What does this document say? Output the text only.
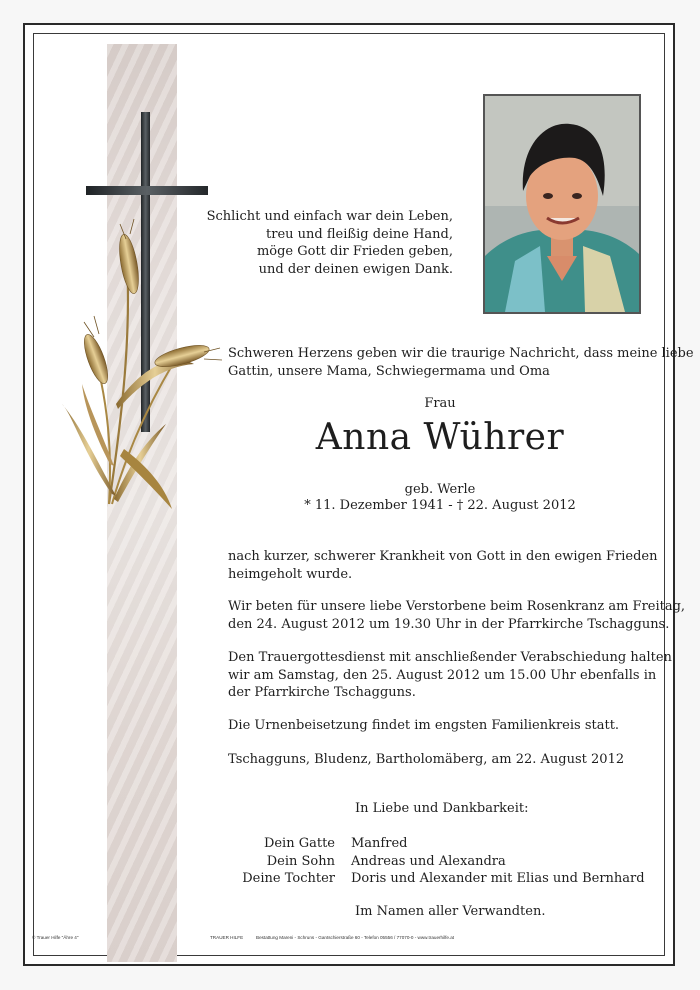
Schlicht und einfach war dein Leben,
treu und fleißig deine Hand,
möge Gott dir Frieden geben,
und der deinen ewigen Dank.
Schweren Herzens geben wir die traurige Nachricht, dass meine liebe
Gattin, unsere Mama, Schwiegermama und Oma
Frau
Anna Wührer
geb. Werle
* 11. Dezember 1941 - † 22. August 2012
nach kurzer, schwerer Krankheit von Gott in den ewigen Frieden
heimgeholt wurde.
Wir beten für unsere liebe Verstorbene beim Rosenkranz am Freitag,
den 24. August 2012 um 19.30 Uhr in der Pfarrkirche Tschagguns.
Den Trauergottesdienst mit anschließender Verabschiedung halten
wir am Samstag, den 25. August 2012 um 15.00 Uhr ebenfalls in
der Pfarrkirche Tschagguns.
Die Urnenbeisetzung findet im engsten Familienkreis statt.
Tschagguns, Bludenz, Bartholomäberg, am 22. August 2012
In Liebe und Dankbarkeit:
Dein Gatte	Manfred
Dein Sohn	Andreas und Alexandra
Deine Tochter	Doris und Alexander mit Elias und Bernhard
Im Namen aller Verwandten.
© Trauer Hilfe "Ähre 4"	TRAUER HILFE	Bestattung Mareni - Schruns - Gantschierstraße 60 - Telefon 05556 / 77070-0 - www.trauerhilfe.at
